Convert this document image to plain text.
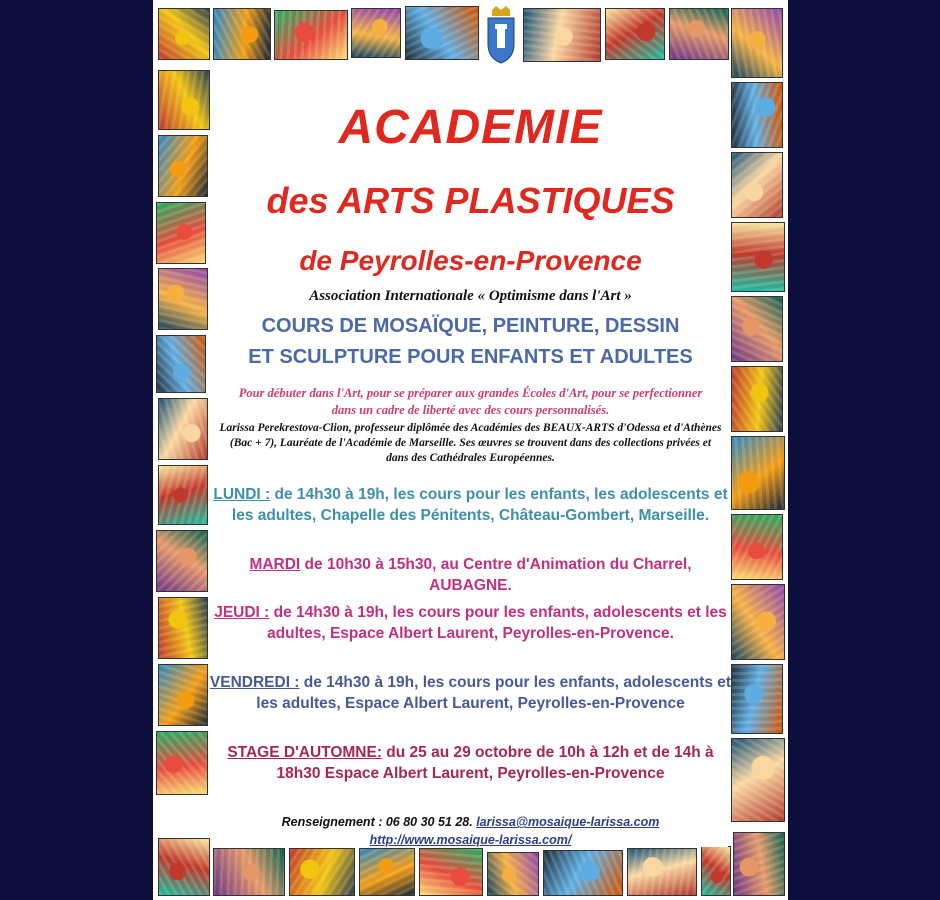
ACADEMIE
des ARTS PLASTIQUES
de Peyrolles-en-Provence
Association Internationale « Optimisme dans l'Art »
COURS DE MOSAÏQUE, PEINTURE, DESSIN
ET SCULPTURE POUR ENFANTS ET ADULTES
Pour débuter dans l'Art, pour se préparer aux grandes Écoles d'Art, pour se perfectionner dans un cadre de liberté avec des cours personnalisés.
Larissa Perekrestova-Clion, professeur diplômée des Académies des BEAUX-ARTS d'Odessa et d'Athènes (Bac + 7), Lauréate de l'Académie de Marseille. Ses œuvres se trouvent dans des collections privées et dans des Cathédrales Européennes.
LUNDI : de 14h30 à 19h, les cours pour les enfants, les adolescents et les adultes, Chapelle des Pénitents, Château-Gombert, Marseille.
MARDI de 10h30 à 15h30, au Centre d'Animation du Charrel, AUBAGNE.
JEUDI : de 14h30 à 19h, les cours pour les enfants, adolescents et les adultes, Espace Albert Laurent, Peyrolles-en-Provence.
VENDREDI : de 14h30 à 19h, les cours pour les enfants, adolescents et les adultes, Espace Albert Laurent, Peyrolles-en-Provence
STAGE D'AUTOMNE: du 25 au 29 octobre de 10h à 12h et de 14h à 18h30 Espace Albert Laurent, Peyrolles-en-Provence
Renseignement : 06 80 30 51 28. larissa@mosaique-larissa.com
http://www.mosaique-larissa.com/
